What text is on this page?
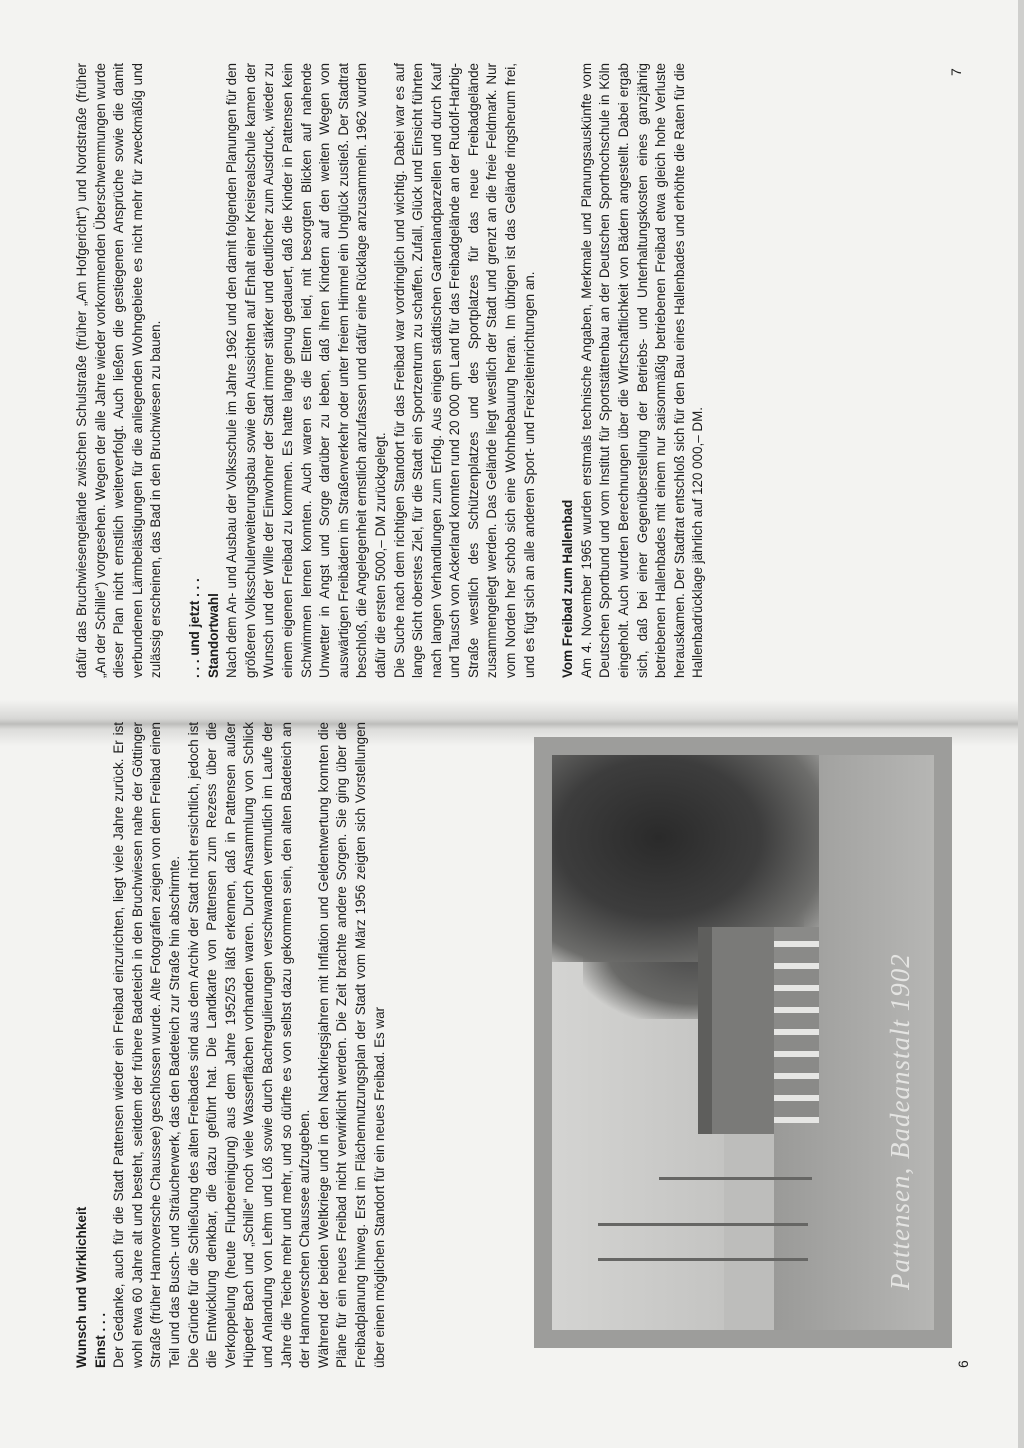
Wunsch und Wirklichkeit Einst . . . Der Gedanke, auch für die Stadt Pattensen wieder ein Freibad einzurichten, liegt viele Jahre zurück. Er ist wohl etwa 60 Jahre alt und besteht, seitdem der frühere Badeteich in den Bruchwiesen nahe der Göttinger Straße (früher Hannoversche Chaussee) geschlossen wurde. Alte Fotografien zeigen von dem Freibad einen Teil und das Busch- und Sträucherwerk, das den Badeteich zur Straße hin abschirmte. Die Gründe für die Schließung des alten Freibades sind aus dem Archiv der Stadt nicht ersichtlich, jedoch ist die Entwicklung denkbar, die dazu geführt hat. Die Landkarte von Pattensen zum Rezess über die Verkoppelung (heute Flurbereinigung) aus dem Jahre 1952/53 läßt erkennen, daß in Pattensen außer Hüpeder Bach und „Schille“ noch viele Wasserflächen vorhanden waren. Durch Ansammlung von Schlick und Anlandung von Lehm und Löß sowie durch Bachregulierungen verschwanden vermutlich im Laufe der Jahre die Teiche mehr und mehr, und so dürfte es von selbst dazu gekommen sein, den alten Badeteich an der Hannoverschen Chaussee aufzugeben. Während der beiden Weltkriege und in den Nachkriegsjahren mit Inflation und Geldentwertung konnten die Pläne für ein neues Freibad nicht verwirklicht werden. Die Zeit brachte andere Sorgen. Sie ging über die Freibadplanung hinweg. Erst im Flächennutzungsplan der Stadt vom März 1956 zeigten sich Vorstellungen über einen möglichen Standort für ein neues Freibad. Es war	Pattensen, Badeanstalt 1902
6

dafür das Bruchwiesengelände zwischen Schulstraße (früher „Am Hofgericht“) und Nordstraße (früher „An der Schille“) vorgesehen. Wegen der alle Jahre wieder vorkommenden Überschwemmungen wurde dieser Plan nicht ernstlich weiterverfolgt. Auch ließen die gestiegenen Ansprüche sowie die damit verbundenen Lärmbelästigungen für die anliegenden Wohngebiete es nicht mehr für zweckmäßig und zulässig erscheinen, das Bad in den Bruchwiesen zu bauen. . . . und jetzt . . . Standortwahl Nach dem An- und Ausbau der Volksschule im Jahre 1962 und den damit folgenden Planungen für den größeren Volksschulerweiterungsbau sowie den Aussichten auf Erhalt einer Kreisrealschule kamen der Wunsch und der Wille der Einwohner der Stadt immer stärker und deutlicher zum Ausdruck, wieder zu einem eigenen Freibad zu kommen. Es hatte lange genug gedauert, daß die Kinder in Pattensen kein Schwimmen lernen konnten. Auch waren es die Eltern leid, mit besorgten Blicken auf nahende Unwetter in Angst und Sorge darüber zu leben, daß ihren Kindern auf den weiten Wegen von auswärtigen Freibädern im Straßenverkehr oder unter freiem Himmel ein Unglück zustieß. Der Stadtrat beschloß, die Angelegenheit ernstlich anzufassen und dafür eine Rücklage anzusammeln. 1962 wurden dafür die ersten 5000,– DM zurückgelegt. Die Suche nach dem richtigen Standort für das Freibad war vordringlich und wichtig. Dabei war es auf lange Sicht oberstes Ziel, für die Stadt ein Sportzentrum zu schaffen. Zufall, Glück und Einsicht führten nach langen Verhandlungen zum Erfolg. Aus einigen städtischen Gartenlandparzellen und durch Kauf und Tausch von Ackerland konnten rund 20 000 qm Land für das Freibadgelände an der Rudolf-Harbig-Straße westlich des Schützenplatzes und des Sportplatzes für das neue Freibadgelände zusammengelegt werden. Das Gelände liegt westlich der Stadt und grenzt an die freie Feldmark. Nur vom Norden her schob sich eine Wohnbebauung heran. Im übrigen ist das Gelände ringsherum frei, und es fügt sich an alle anderen Sport- und Freizeiteinrichtungen an. Vom Freibad zum Hallenbad Am 4. November 1965 wurden erstmals technische Angaben, Merkmale und Planungsauskünfte vom Deutschen Sportbund und vom Institut für Sportstättenbau an der Deutschen Sporthochschule in Köln eingeholt. Auch wurden Berechnungen über die Wirtschaftlichkeit von Bädern angestellt. Dabei ergab sich, daß bei einer Gegenüberstellung der Betriebs- und Unterhaltungskosten eines ganzjährig betriebenen Hallenbades mit einem nur saisonmäßig betriebenen Freibad etwa gleich hohe Verluste herauskamen. Der Stadtrat entschloß sich für den Bau eines Hallenbades und erhöhte die Raten für die Hallenbadrücklage jährlich auf 120 000,– DM.

7
